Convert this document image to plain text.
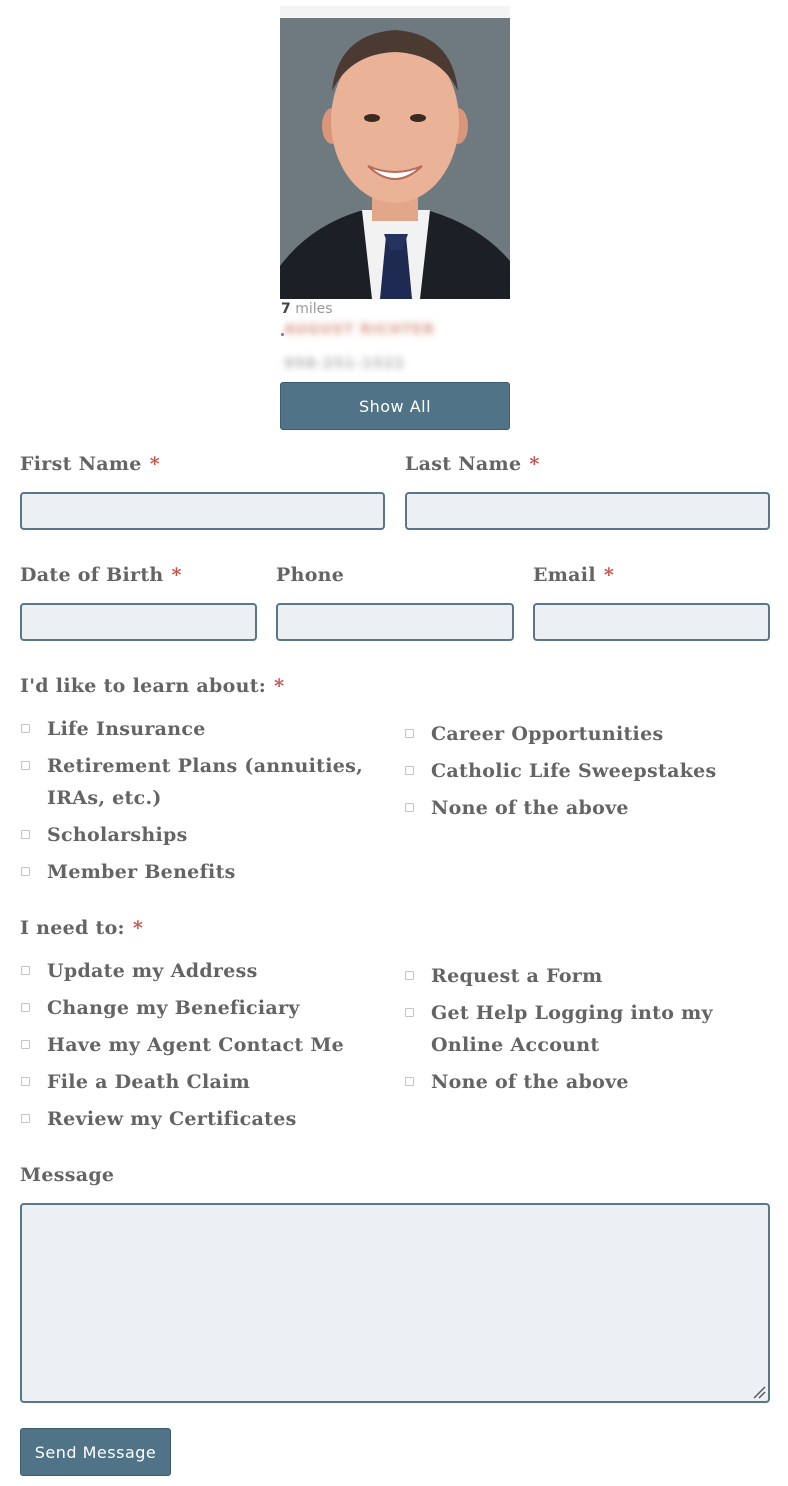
7 miles
AUGUST RICHTER
958-251-1522
Show All
First Name *	Last Name *
Date of Birth *	Phone	Email *
I'd like to learn about: *
Life Insurance
Retirement Plans (annuities,
IRAs, etc.)
Scholarships
Member Benefits
Career Opportunities
Catholic Life Sweepstakes
None of the above
I need to: *
Update my Address
Change my Beneficiary
Have my Agent Contact Me
File a Death Claim
Review my Certificates
Request a Form
Get Help Logging into my
Online Account
None of the above
Message
Send Message
